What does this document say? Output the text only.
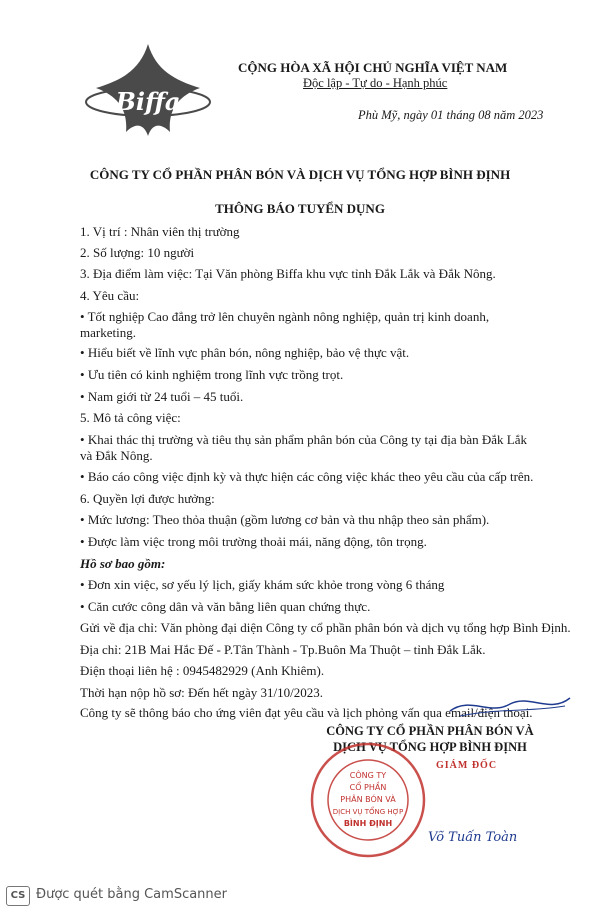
Biffa
CỘNG HÒA XÃ HỘI CHỦ NGHĨA VIỆT NAM
Độc lập - Tự do - Hạnh phúc
Phù Mỹ, ngày 01 tháng 08 năm 2023
CÔNG TY CỔ PHẦN PHÂN BÓN VÀ DỊCH VỤ TỔNG HỢP BÌNH ĐỊNH
THÔNG BÁO TUYỂN DỤNG
1. Vị trí : Nhân viên thị trường
2. Số lượng: 10 người
3. Địa điểm làm việc: Tại Văn phòng Biffa khu vực tỉnh Đắk Lắk và Đắk Nông.
4. Yêu cầu:
• Tốt nghiệp Cao đẳng trở lên chuyên ngành nông nghiệp, quản trị kinh doanh,
marketing.
• Hiểu biết về lĩnh vực phân bón, nông nghiệp, bảo vệ thực vật.
• Ưu tiên có kinh nghiệm trong lĩnh vực trồng trọt.
• Nam giới từ 24 tuổi – 45 tuổi.
5. Mô tả công việc:
• Khai thác thị trường và tiêu thụ sản phẩm phân bón của Công ty tại địa bàn Đắk Lắk
và Đắk Nông.
• Báo cáo công việc định kỳ và thực hiện các công việc khác theo yêu cầu của cấp trên.
6. Quyền lợi được hưởng:
• Mức lương: Theo thỏa thuận (gồm lương cơ bản và thu nhập theo sản phẩm).
• Được làm việc trong môi trường thoải mái, năng động, tôn trọng.
Hồ sơ bao gồm:
• Đơn xin việc, sơ yếu lý lịch, giấy khám sức khỏe trong vòng 6 tháng
• Căn cước công dân và văn bằng liên quan chứng thực.
Gửi về địa chỉ: Văn phòng đại diện Công ty cổ phần phân bón và dịch vụ tổng hợp Bình Định.
Địa chỉ: 21B Mai Hắc Đế - P.Tân Thành - Tp.Buôn Ma Thuột – tỉnh Đắk Lắk.
Điện thoại liên hệ : 0945482929 (Anh Khiêm).
Thời hạn nộp hồ sơ: Đến hết ngày 31/10/2023.
Công ty sẽ thông báo cho ứng viên đạt yêu cầu và lịch phỏng vấn qua email/điện thoại.
CÔNG TY CỔ PHẦN PHÂN BÓN VÀ
DỊCH VỤ TỔNG HỢP BÌNH ĐỊNH
GIÁM ĐỐC
CÔNG TY
CỔ PHẦN
PHÂN BÓN VÀ
DỊCH VỤ TỔNG HỢP
BÌNH ĐỊNH
Võ Tuấn Toàn
CS Được quét bằng CamScanner
